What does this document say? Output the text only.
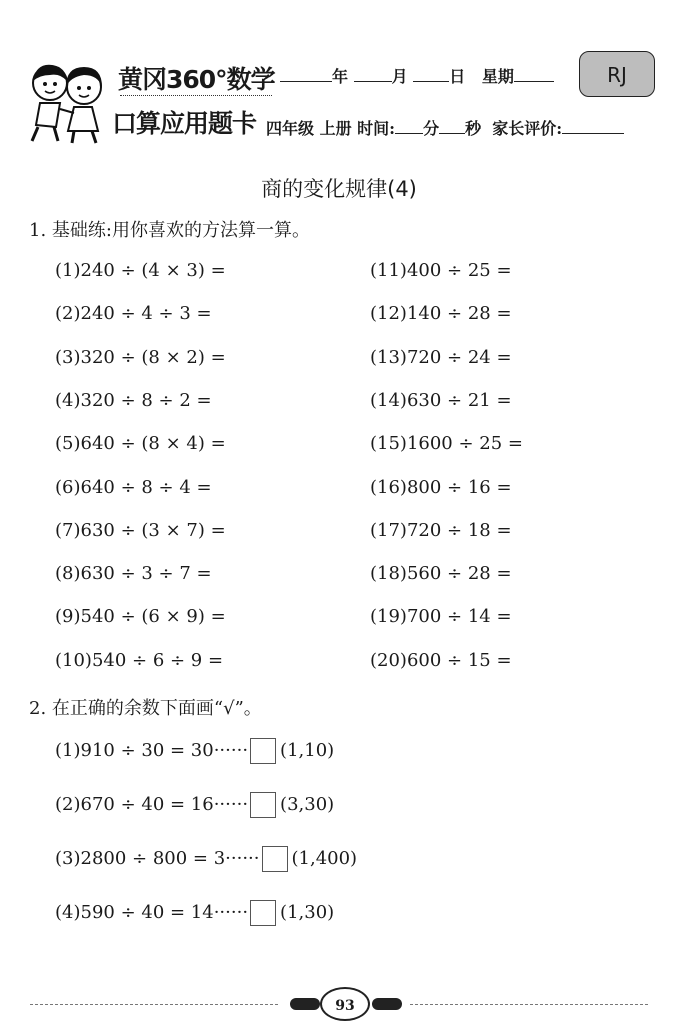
黄冈360°数学
口算应用题卡
年	月	日 星期	RJ
四年级 上册 时间: 分 秒 家长评价:
商的变化规律(4)
1. 基础练:用你喜欢的方法算一算。
(1)240 ÷ (4 × 3) =
(2)240 ÷ 4 ÷ 3 =
(3)320 ÷ (8 × 2) =
(4)320 ÷ 8 ÷ 2 =
(5)640 ÷ (8 × 4) =
(6)640 ÷ 8 ÷ 4 =
(7)630 ÷ (3 × 7) =
(8)630 ÷ 3 ÷ 7 =
(9)540 ÷ (6 × 9) =
(10)540 ÷ 6 ÷ 9 =
(11)400 ÷ 25 =
(12)140 ÷ 28 =
(13)720 ÷ 24 =
(14)630 ÷ 21 =
(15)1600 ÷ 25 =
(16)800 ÷ 16 =
(17)720 ÷ 18 =
(18)560 ÷ 28 =
(19)700 ÷ 14 =
(20)600 ÷ 15 =
2. 在正确的余数下面画“√”。
(1)910 ÷ 30 = 30······ (1,10)
(2)670 ÷ 40 = 16······ (3,30)
(3)2800 ÷ 800 = 3······ (1,400)
(4)590 ÷ 40 = 14······ (1,30)
93
